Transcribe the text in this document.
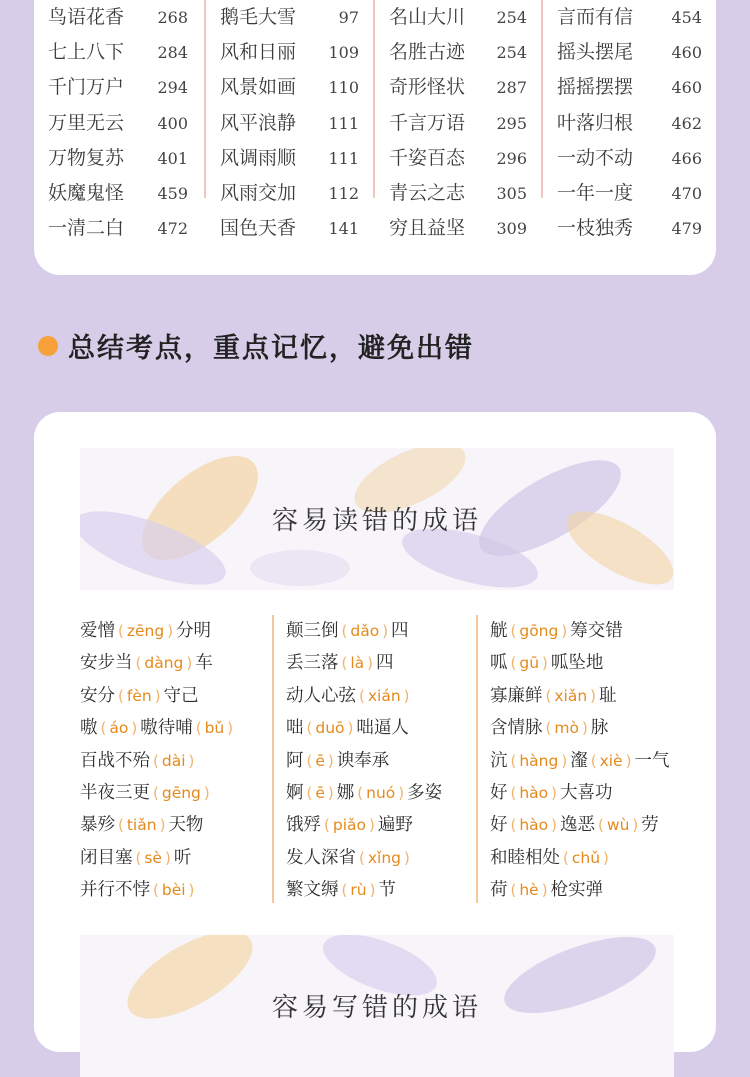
鸟语花香 268
七上八下 284
千门万户 294
万里无云 400
万物复苏 401
妖魔鬼怪 459
一清二白 472
鹅毛大雪	97
风和日丽 109
风景如画 110
风平浪静 111
风调雨顺 111
风雨交加 112
国色天香 141
名山大川 254
名胜古迹 254
奇形怪状 287
千言万语 295
千姿百态 296
青云之志 305
穷且益坚 309
言而有信 454
摇头摆尾 460
摇摇摆摆 460
叶落归根 462
一动不动 466
一年一度 470
一枝独秀 479
总结考点，重点记忆，避免出错
容易读错的成语
爱憎 ( zēng ) 分明
安步当 ( dàng ) 车
安分 ( fèn ) 守己
嗷 ( áo ) 嗷待哺 ( bǔ )
百战不殆 ( dài )
半夜三更 ( gēng )
暴殄 ( tiǎn ) 天物
闭目塞 ( sè ) 听
并行不悖 ( bèi )
颠三倒 ( dǎo ) 四
丢三落 ( là ) 四
动人心弦 ( xián )
咄 ( duō ) 咄逼人
阿 ( ē ) 谀奉承
婀 ( ē ) 娜 ( nuó ) 多姿
饿殍 ( piǎo ) 遍野
发人深省 ( xǐng )
繁文缛 ( rù ) 节
觥 ( gōng ) 筹交错
呱 ( gū ) 呱坠地
寡廉鲜 ( xiǎn ) 耻
含情脉 ( mò ) 脉
沆 ( hàng ) 瀣 ( xiè ) 一气
好 ( hào ) 大喜功
好 ( hào ) 逸恶 ( wù ) 劳
和睦相处 ( chǔ )
荷 ( hè ) 枪实弹
容易写错的成语
